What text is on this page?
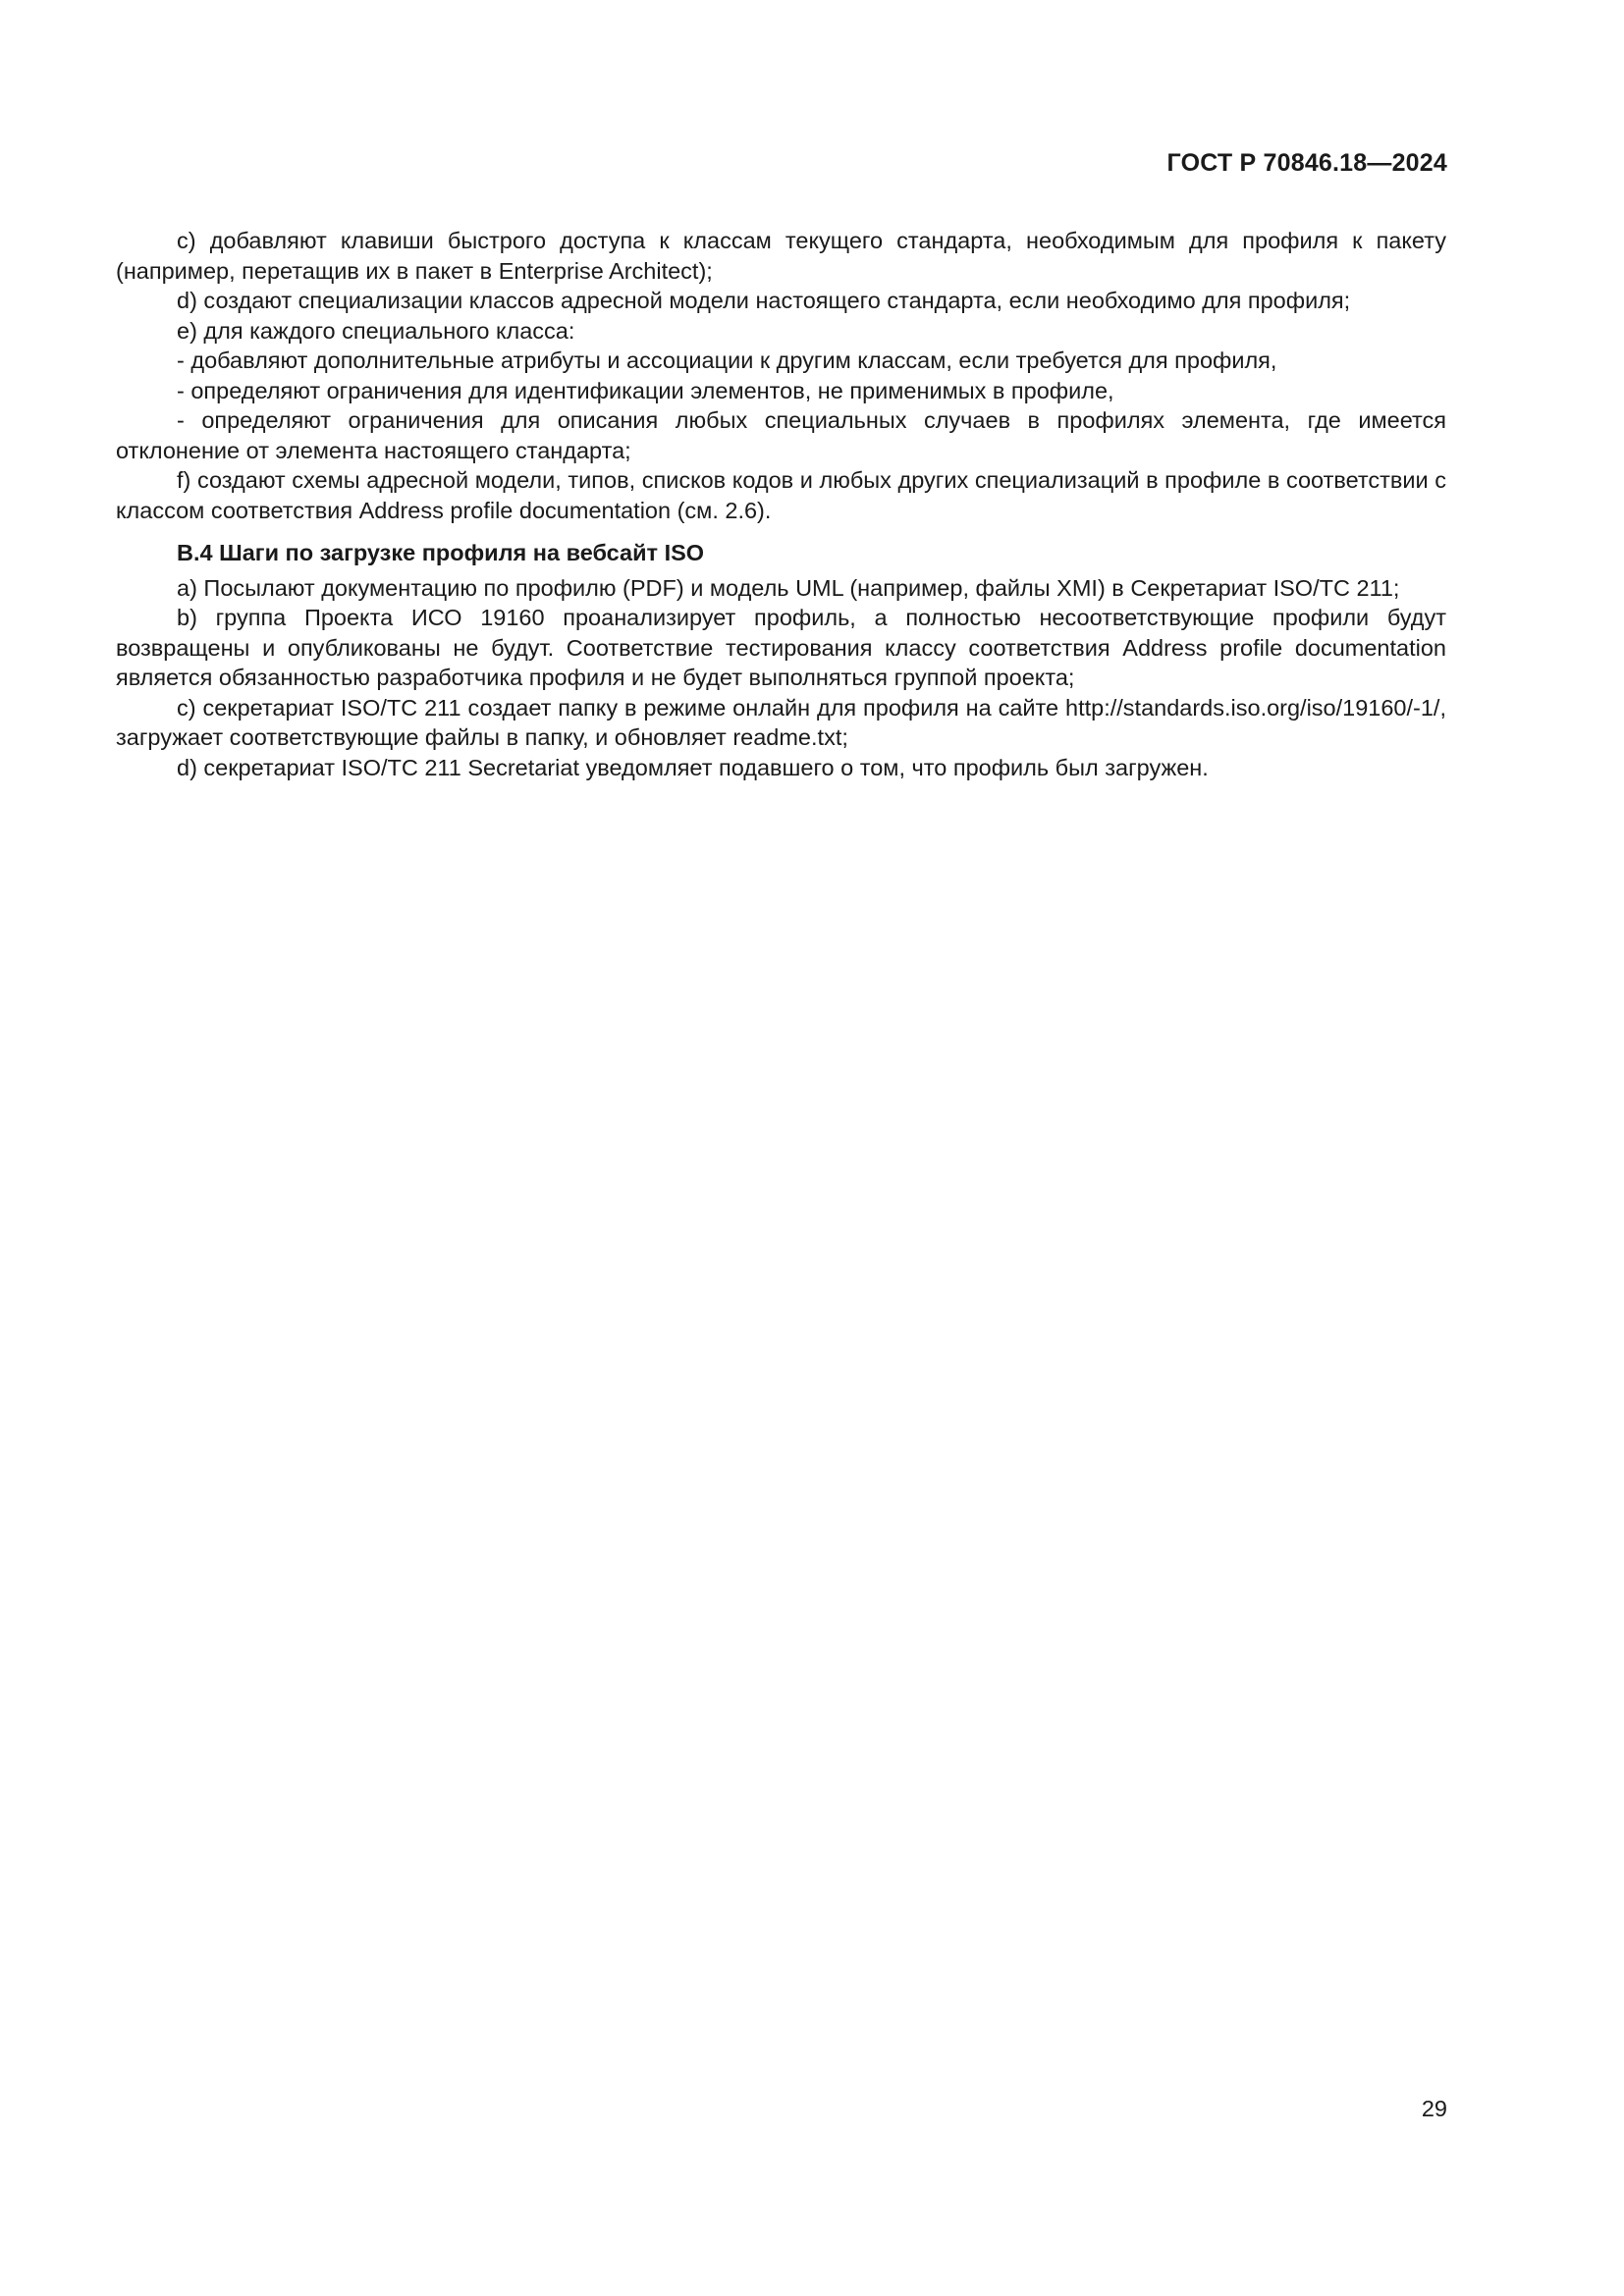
ГОСТ Р 70846.18—2024

c) добавляют клавиши быстрого доступа к классам текущего стандарта, необходимым для профиля к пакету (например, перетащив их в пакет в Enterprise Architect);

d) создают специализации классов адресной модели настоящего стандарта, если необходимо для профиля;

e) для каждого специального класса:

- добавляют дополнительные атрибуты и ассоциации к другим классам, если требуется для профиля,

- определяют ограничения для идентификации элементов, не применимых в профиле,

- определяют ограничения для описания любых специальных случаев в профилях элемента, где имеется отклонение от элемента настоящего стандарта;

f) создают схемы адресной модели, типов, списков кодов и любых других специализаций в профиле в соответствии с классом соответствия Address profile documentation (см. 2.6).

B.4 Шаги по загрузке профиля на вебсайт ISO

a) Посылают документацию по профилю (PDF) и модель UML (например, файлы XMI) в Секретариат ISO/TC 211;

b) группа Проекта ИСО 19160 проанализирует профиль, а полностью несоответствующие профили будут возвращены и опубликованы не будут. Соответствие тестирования классу соответствия Address profile documentation является обязанностью разработчика профиля и не будет выполняться группой проекта;

c) секретариат ISO/TC 211 создает папку в режиме онлайн для профиля на сайте http://standards.iso.org/iso/19160/-1/, загружает соответствующие файлы в папку, и обновляет readme.txt;

d) секретариат ISO/TC 211 Secretariat уведомляет подавшего о том, что профиль был загружен.

29
